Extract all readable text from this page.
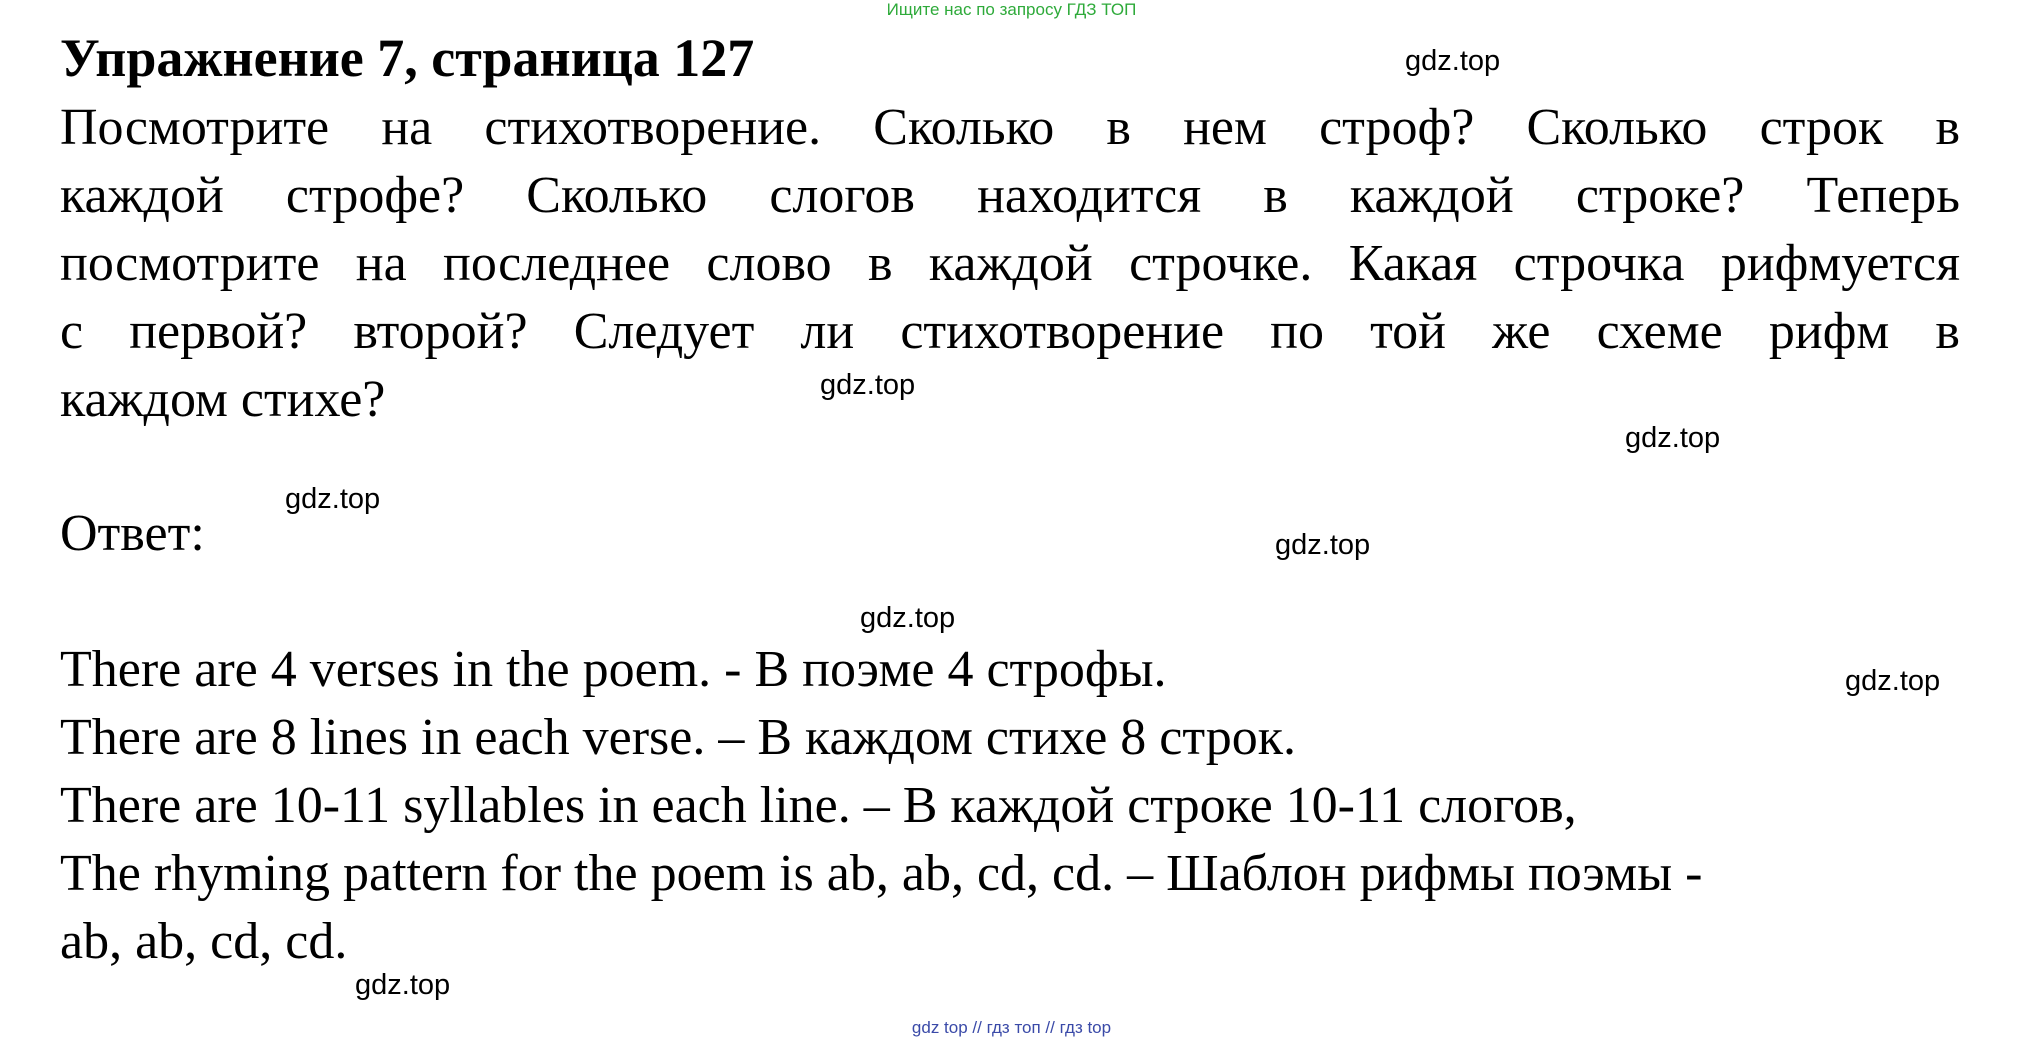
Ищите нас по запросу ГДЗ ТОП
Упражнение 7, страница 127
Посмотрите на стихотворение. Сколько в нем строф? Сколько строк в
каждой строфе? Сколько слогов находится в каждой строке? Теперь
посмотрите на последнее слово в каждой строчке. Какая строчка рифмуется
с первой? второй? Следует ли стихотворение по той же схеме рифм в
каждом стихе?
Ответ:
There are 4 verses in the poem. - В поэме 4 строфы.
There are 8 lines in each verse. – В каждом стихе 8 строк.
There are 10-11 syllables in each line. – В каждой строке 10-11 слогов,
The rhyming pattern for the poem is ab, ab, cd, cd. – Шаблон рифмы поэмы -
ab, ab, cd, cd.
gdz.top
gdz.top
gdz.top
gdz.top
gdz.top
gdz.top
gdz.top
gdz.top
gdz top // гдз топ // гдз top
